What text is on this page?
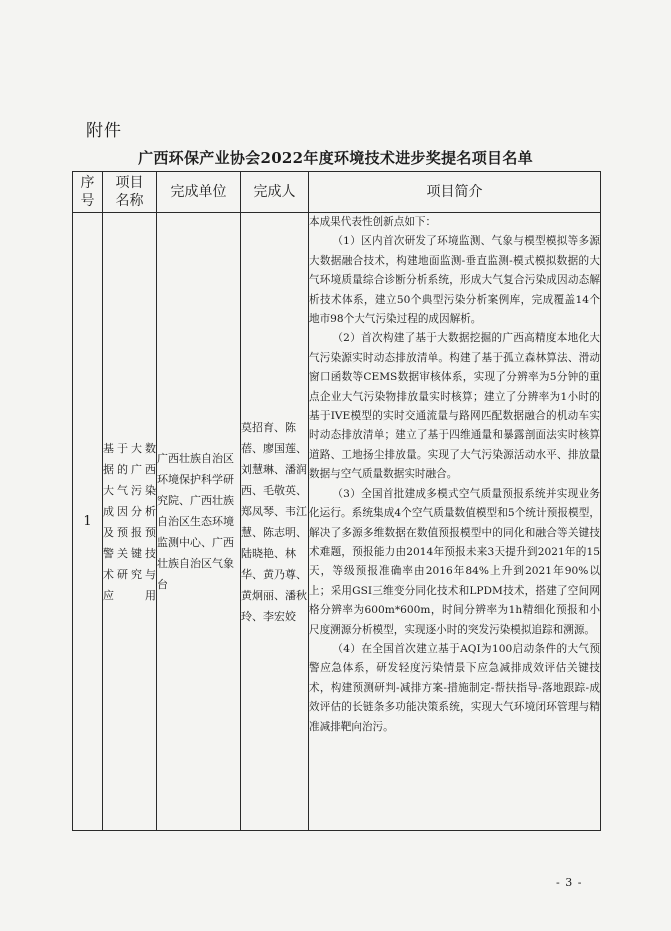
附件
广西环保产业协会2022年度环境技术进步奖提名项目名单
序号	项目名称	完成单位	完成人	项目简介
1	基于大数据的广西大气污染成因分析及预报预警关键技术研究与应用	广西壮族自治区环境保护科学研究院、广西壮族自治区生态环境监测中心、广西壮族自治区气象台	莫招育、陈蓓、廖国莲、刘慧琳、潘润西、毛敬英、郑凤琴、韦江慧、陈志明、陆晓艳、林华、黄乃尊、黄炯丽、潘秋玲、李宏姣	本成果代表性创新点如下：

（1）区内首次研发了环境监测、气象与模型模拟等多源大数据融合技术，构建地面监测-垂直监测-模式模拟数据的大气环境质量综合诊断分析系统，形成大气复合污染成因动态解析技术体系，建立50个典型污染分析案例库，完成覆盖14个地市98个大气污染过程的成因解析。

（2）首次构建了基于大数据挖掘的广西高精度本地化大气污染源实时动态排放清单。构建了基于孤立森林算法、滑动窗口函数等CEMS数据审核体系，实现了分辨率为5分钟的重点企业大气污染物排放量实时核算；建立了分辨率为1小时的基于IVE模型的实时交通流量与路网匹配数据融合的机动车实时动态排放清单；建立了基于四维通量和暴露剖面法实时核算道路、工地扬尘排放量。实现了大气污染源活动水平、排放量数据与空气质量数据实时融合。

（3）全国首批建成多模式空气质量预报系统并实现业务化运行。系统集成4个空气质量数值模型和5个统计预报模型，解决了多源多维数据在数值预报模型中的同化和融合等关键技术难题，预报能力由2014年预报未来3天提升到2021年的15天，等级预报准确率由2016年84%上升到2021年90%以上；采用GSI三维变分同化技术和LPDM技术，搭建了空间网格分辨率为600m*600m，时间分辨率为1h精细化预报和小尺度溯源分析模型，实现逐小时的突发污染模拟追踪和溯源。

（4）在全国首次建立基于AQI为100启动条件的大气预警应急体系，研发轻度污染情景下应急减排成效评估关键技术，构建预测研判-减排方案-措施制定-帮扶指导-落地跟踪-成效评估的长链条多功能决策系统，实现大气环境闭环管理与精准减排靶向治污。

- 3 -
